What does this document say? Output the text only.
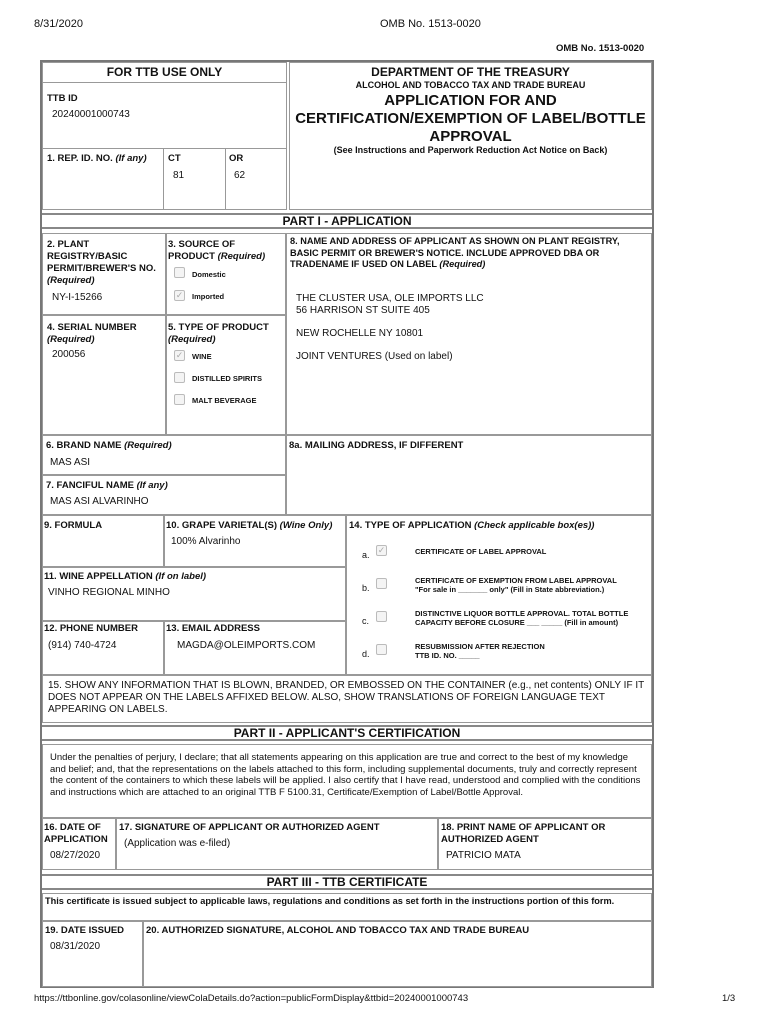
8/31/2020	OMB No. 1513-0020
OMB No. 1513-0020
FOR TTB USE ONLY
TTB ID
20240001000743
1. REP. ID. NO. (If any) CT
81
OR
62
DEPARTMENT OF THE TREASURY
ALCOHOL AND TOBACCO TAX AND TRADE BUREAU
APPLICATION FOR AND CERTIFICATION/EXEMPTION OF LABEL/BOTTLE APPROVAL
(See Instructions and Paperwork Reduction Act Notice on Back)
PART I - APPLICATION
2. PLANT REGISTRY/BASIC PERMIT/BREWER'S NO. (Required)
NY-I-15266
3. SOURCE OF PRODUCT (Required)
Domestic
✓ Imported
8. NAME AND ADDRESS OF APPLICANT AS SHOWN ON PLANT REGISTRY, BASIC PERMIT OR BREWER'S NOTICE. INCLUDE APPROVED DBA OR TRADENAME IF USED ON LABEL (Required)
THE CLUSTER USA, OLE IMPORTS LLC
56 HARRISON ST SUITE 405
NEW ROCHELLE NY 10801
JOINT VENTURES (Used on label)
4. SERIAL NUMBER
(Required)
200056
5. TYPE OF PRODUCT
(Required)
✓ WINE
DISTILLED SPIRITS
MALT BEVERAGE
6. BRAND NAME (Required)
MAS ASI
8a. MAILING ADDRESS, IF DIFFERENT
7. FANCIFUL NAME (If any)
MAS ASI ALVARINHO
9. FORMULA	10. GRAPE VARIETAL(S) (Wine Only)
100% Alvarinho
14. TYPE OF APPLICATION (Check applicable box(es))
a. ✓	CERTIFICATE OF LABEL APPROVAL
b.
CERTIFICATE OF EXEMPTION FROM LABEL APPROVAL
"For sale in _______ only" (Fill in State abbreviation.)
c.
DISTINCTIVE LIQUOR BOTTLE APPROVAL. TOTAL BOTTLE
CAPACITY BEFORE CLOSURE ___ _____ (Fill in amount)
d.
RESUBMISSION AFTER REJECTION
TTB ID. NO. _____
11. WINE APPELLATION (If on label)
VINHO REGIONAL MINHO
12. PHONE NUMBER
(914) 740-4724
13. EMAIL ADDRESS
MAGDA@OLEIMPORTS.COM
15. SHOW ANY INFORMATION THAT IS BLOWN, BRANDED, OR EMBOSSED ON THE CONTAINER (e.g., net contents) ONLY IF IT DOES NOT APPEAR ON THE LABELS AFFIXED BELOW. ALSO, SHOW TRANSLATIONS OF FOREIGN LANGUAGE TEXT APPEARING ON LABELS.
PART II - APPLICANT'S CERTIFICATION
Under the penalties of perjury, I declare; that all statements appearing on this application are true and correct to the best of my knowledge and belief; and, that the representations on the labels attached to this form, including supplemental documents, truly and correctly represent the content of the containers to which these labels will be applied. I also certify that I have read, understood and complied with the conditions and instructions which are attached to an original TTB F 5100.31, Certificate/Exemption of Label/Bottle Approval.
16. DATE OF APPLICATION
08/27/2020
17. SIGNATURE OF APPLICANT OR AUTHORIZED AGENT
(Application was e-filed)
18. PRINT NAME OF APPLICANT OR AUTHORIZED AGENT
PATRICIO MATA
PART III - TTB CERTIFICATE
This certificate is issued subject to applicable laws, regulations and conditions as set forth in the instructions portion of this form.
19. DATE ISSUED
08/31/2020
20. AUTHORIZED SIGNATURE, ALCOHOL AND TOBACCO TAX AND TRADE BUREAU
https://ttbonline.gov/colasonline/viewColaDetails.do?action=publicFormDisplay&ttbid=20240001000743	1/3
